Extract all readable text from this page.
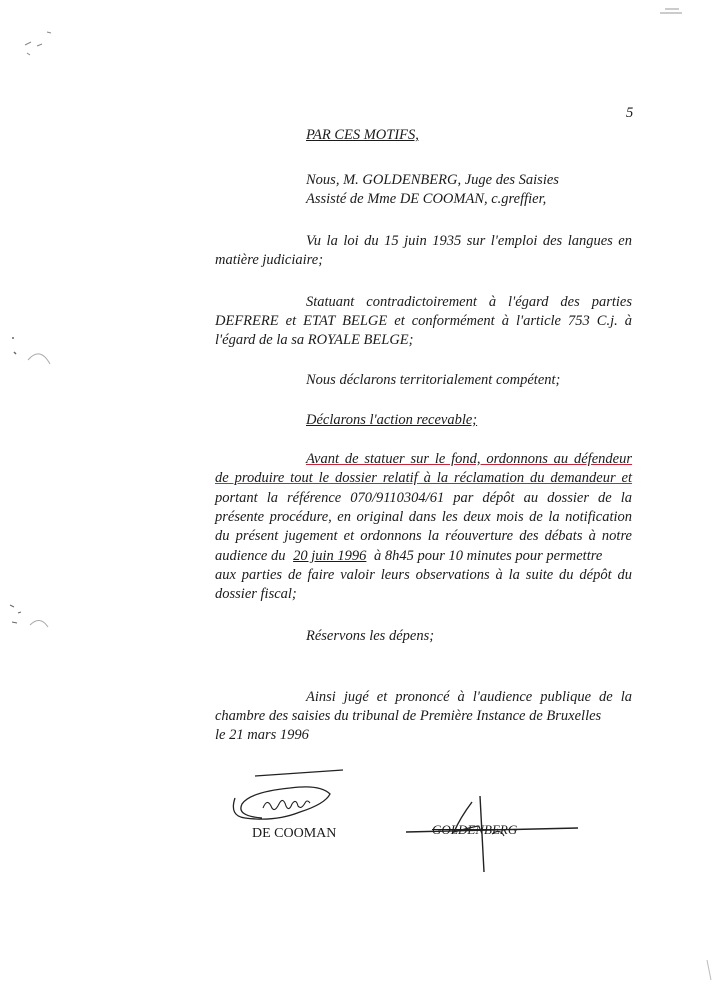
5
PAR CES MOTIFS,
Nous, M. GOLDENBERG, Juge des Saisies
Assisté de Mme DE COOMAN, c.greffier,
Vu la loi du 15 juin 1935 sur l'emploi des langues en
matière judiciaire;
Statuant contradictoirement à l'égard des parties
DEFRERE et ETAT BELGE et conformément à l'article 753 C.j. à
l'égard de la sa ROYALE BELGE;
Nous déclarons territorialement compétent;
Déclarons l'action recevable;
Avant de statuer sur le fond, ordonnons au défendeur
de produire tout le dossier relatif à la réclamation du demandeur et
portant la référence 070/9110304/61 par dépôt au dossier de la
présente procédure, en original dans les deux mois de la notification
du présent jugement et ordonnons la réouverture des débats à notre
audience du 20 juin 1996 à 8h45 pour 10 minutes pour permettre
aux parties de faire valoir leurs observations à la suite du dépôt du
dossier fiscal;
Réservons les dépens;
Ainsi jugé et prononcé à l'audience publique de la
chambre des saisies du tribunal de Première Instance de Bruxelles
le 21 mars 1996
DE COOMAN	GOLDENBERG
